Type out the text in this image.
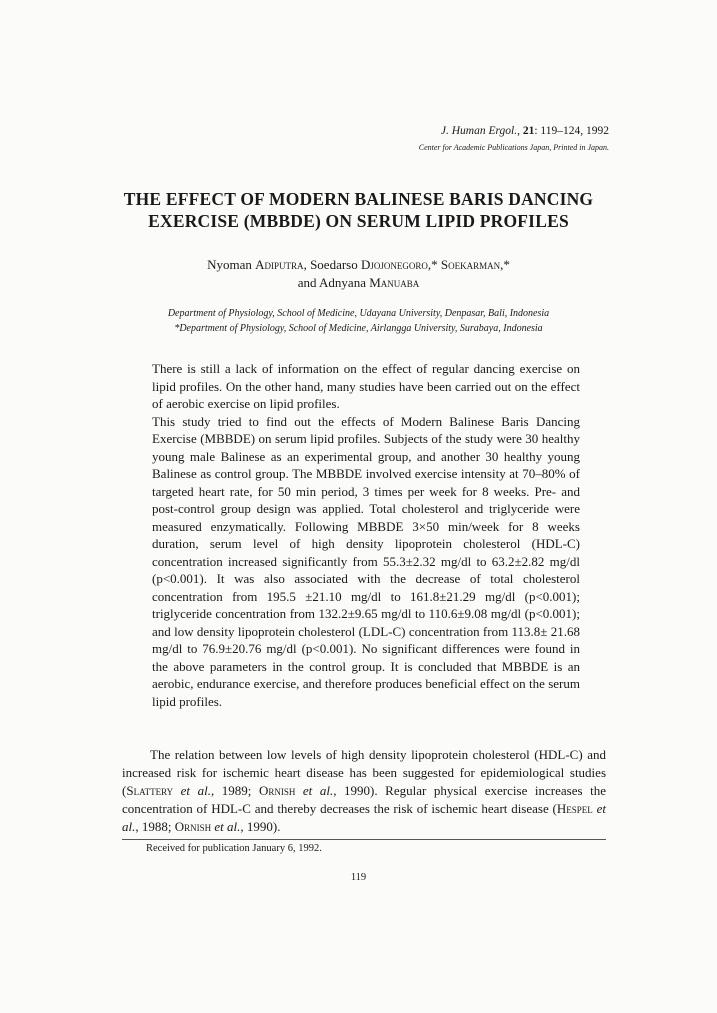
J. Human Ergol., 21: 119–124, 1992
Center for Academic Publications Japan, Printed in Japan.
THE EFFECT OF MODERN BALINESE BARIS DANCING
EXERCISE (MBBDE) ON SERUM LIPID PROFILES
Nyoman Adiputra, Soedarso Djojonegoro,* Soekarman,*
and Adnyana Manuaba
Department of Physiology, School of Medicine, Udayana University, Denpasar, Bali, Indonesia
*Department of Physiology, School of Medicine, Airlangga University, Surabaya, Indonesia

There is still a lack of information on the effect of regular dancing exercise on lipid profiles. On the other hand, many studies have been carried out on the effect of aerobic exercise on lipid profiles.

This study tried to find out the effects of Modern Balinese Baris Dancing Exercise (MBBDE) on serum lipid profiles. Subjects of the study were 30 healthy young male Balinese as an experimental group, and another 30 healthy young Balinese as control group. The MBBDE involved exercise intensity at 70–80% of targeted heart rate, for 50 min period, 3 times per week for 8 weeks. Pre- and post-control group design was applied. Total cholesterol and triglyceride were measured enzymatically. Following MBBDE 3×50 min/week for 8 weeks duration, serum level of high density lipoprotein cholesterol (HDL-C) concentration increased significantly from 55.3±2.32 mg/dl to 63.2±2.82 mg/dl (p<0.001). It was also associated with the decrease of total cholesterol concentration from 195.5 ±21.10 mg/dl to 161.8±21.29 mg/dl (p<0.001); triglyceride concentration from 132.2±9.65 mg/dl to 110.6±9.08 mg/dl (p<0.001); and low density lipoprotein cholesterol (LDL-C) concentration from 113.8± 21.68 mg/dl to 76.9±20.76 mg/dl (p<0.001). No significant differences were found in the above parameters in the control group. It is concluded that MBBDE is an aerobic, endurance exercise, and therefore produces beneficial effect on the serum lipid profiles.

The relation between low levels of high density lipoprotein cholesterol (HDL-C) and increased risk for ischemic heart disease has been suggested for epidemiological studies (Slattery et al., 1989; Ornish et al., 1990). Regular physical exercise increases the concentration of HDL-C and thereby decreases the risk of ischemic heart disease (Hespel et al., 1988; Ornish et al., 1990).

Received for publication January 6, 1992.
119
